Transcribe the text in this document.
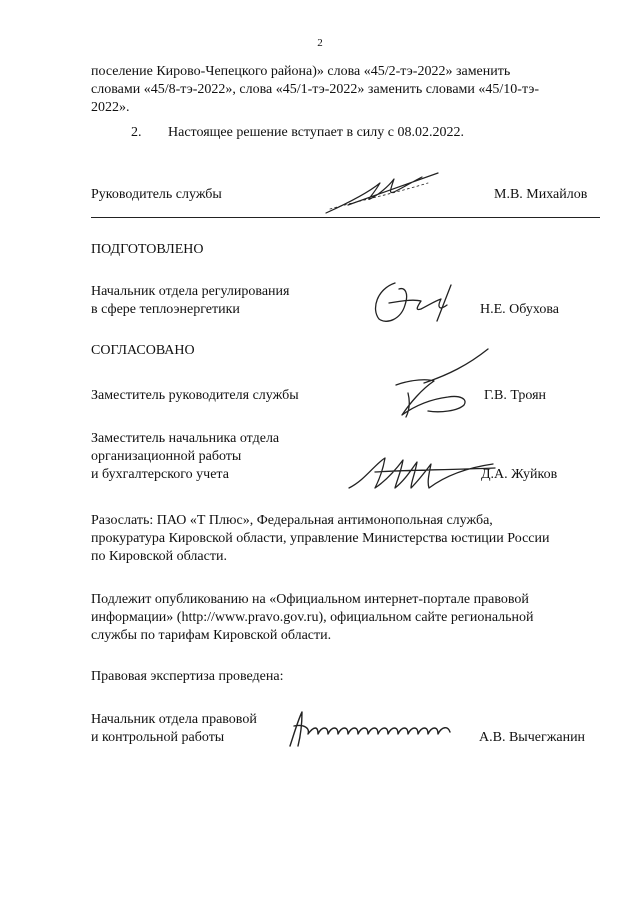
2

поселение Кирово-Чепецкого района)» слова «45/2-тэ-2022» заменить

словами «45/8-тэ-2022», слова «45/1-тэ-2022» заменить словами «45/10-тэ-

2022».
2. Настоящее решение вступает в силу с 08.02.2022.
Руководитель службы	М.В. Михайлов
ПОДГОТОВЛЕНО
Начальник отдела регулирования
в сфере теплоэнергетики	Н.Е. Обухова
СОГЛАСОВАНО
Заместитель руководителя службы	Г.В. Троян
Заместитель начальника отдела
организационной работы
и бухгалтерского учета	Д.А. Жуйков

Разослать: ПАО «Т Плюс», Федеральная антимонопольная служба,

прокуратура Кировской области, управление Министерства юстиции России

по Кировской области.

Подлежит опубликованию на «Официальном интернет-портале правовой

информации» (http://www.pravo.gov.ru), официальном сайте региональной

службы по тарифам Кировской области.
Правовая экспертиза проведена:
Начальник отдела правовой
и контрольной работы	А.В. Вычегжанин
